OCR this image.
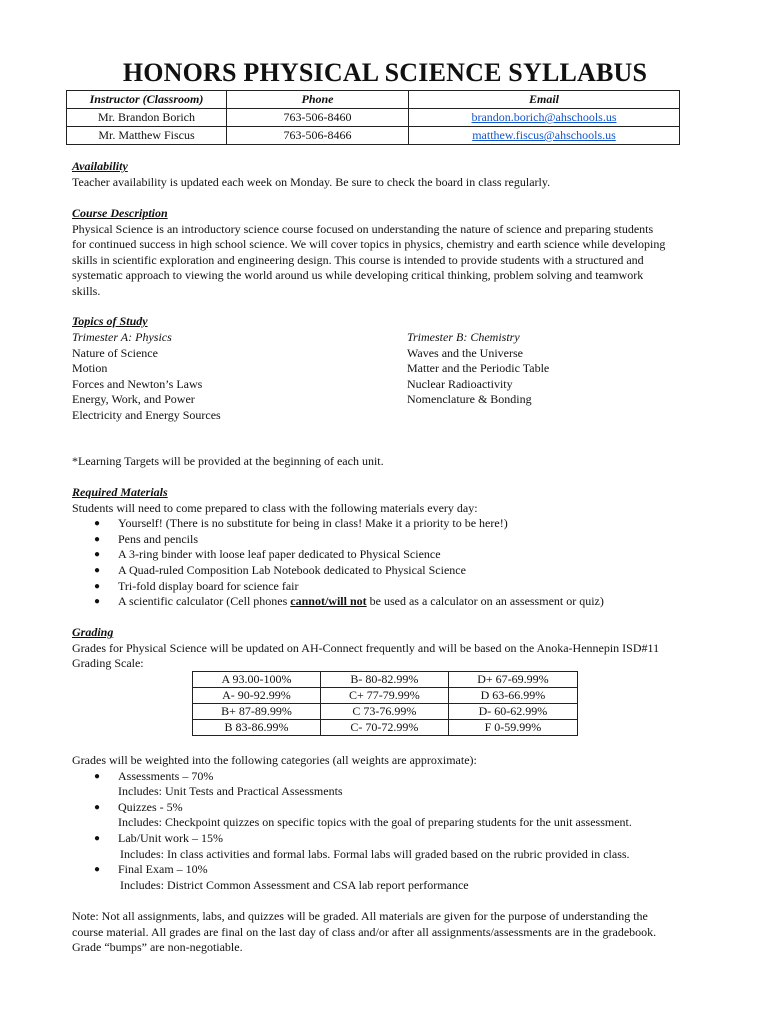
HONORS PHYSICAL SCIENCE SYLLABUS
Instructor (Classroom)	Phone	Email
Mr. Brandon Borich	763-506-8460	brandon.borich@ahschools.us
Mr. Matthew Fiscus	763-506-8466	matthew.fiscus@ahschools.us
Availability
Teacher availability is updated each week on Monday. Be sure to check the board in class regularly.
Course Description
Physical Science is an introductory science course focused on understanding the nature of science and preparing students
for continued success in high school science. We will cover topics in physics, chemistry and earth science while developing
skills in scientific exploration and engineering design. This course is intended to provide students with a structured and
systematic approach to viewing the world around us while developing critical thinking, problem solving and teamwork
skills.
Topics of Study
Trimester A: Physics
Nature of Science
Motion
Forces and Newton’s Laws
Energy, Work, and Power
Electricity and Energy Sources
Trimester B: Chemistry
Waves and the Universe
Matter and the Periodic Table
Nuclear Radioactivity
Nomenclature & Bonding
*Learning Targets will be provided at the beginning of each unit.
Required Materials
Students will need to come prepared to class with the following materials every day:
● Yourself! (There is no substitute for being in class! Make it a priority to be here!)
● Pens and pencils
● A 3-ring binder with loose leaf paper dedicated to Physical Science
● A Quad-ruled Composition Lab Notebook dedicated to Physical Science
● Tri-fold display board for science fair
● A scientific calculator (Cell phones cannot/will not be used as a calculator on an assessment or quiz)
Grading
Grades for Physical Science will be updated on AH-Connect frequently and will be based on the Anoka-Hennepin ISD#11
Grading Scale:
A 93.00-100%	B- 80-82.99%	D+ 67-69.99%
A- 90-92.99%	C+ 77-79.99%	D 63-66.99%
B+ 87-89.99%	C 73-76.99%	D- 60-62.99%
B 83-86.99%	C- 70-72.99%	F 0-59.99%
Grades will be weighted into the following categories (all weights are approximate):
● Assessments – 70%
Includes: Unit Tests and Practical Assessments
● Quizzes - 5%
Includes: Checkpoint quizzes on specific topics with the goal of preparing students for the unit assessment.
● Lab/Unit work – 15%
Includes: In class activities and formal labs. Formal labs will graded based on the rubric provided in class.
● Final Exam – 10%
Includes: District Common Assessment and CSA lab report performance
Note: Not all assignments, labs, and quizzes will be graded. All materials are given for the purpose of understanding the
course material. All grades are final on the last day of class and/or after all assignments/assessments are in the gradebook.
Grade “bumps” are non-negotiable.
